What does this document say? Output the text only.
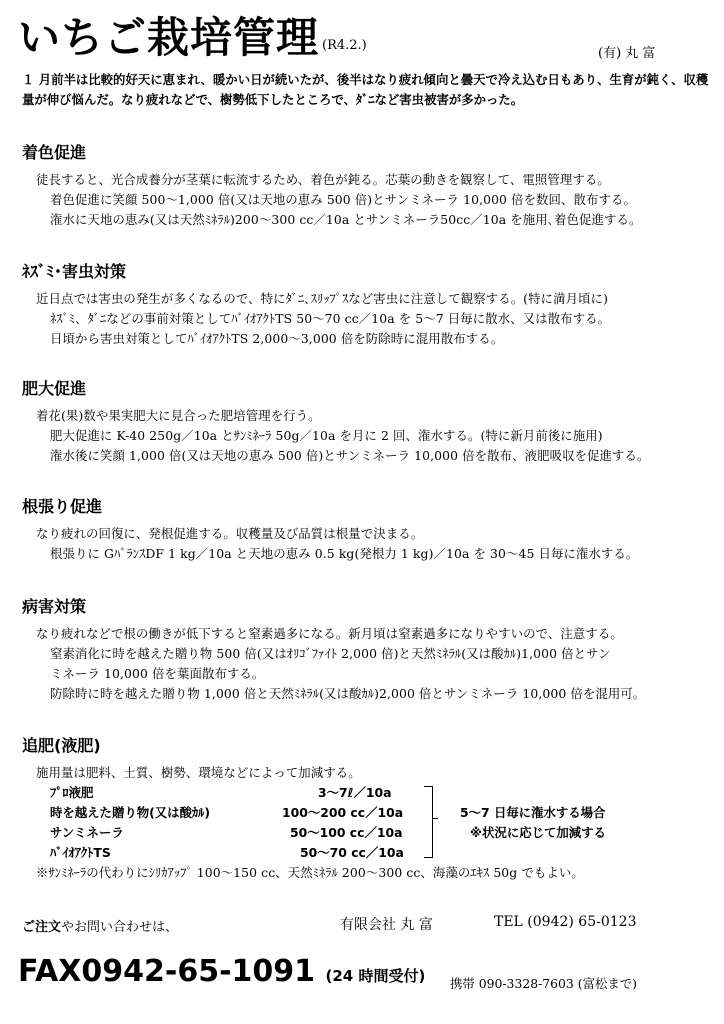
いちご栽培管理 (R4.2.)
(有) 丸 富
１ 月前半は比較的好天に恵まれ、暖かい日が続いたが、後半はなり疲れ傾向と曇天で冷え込む日もあり、生育が鈍く、収穫量が伸び悩んだ。なり疲れなどで、樹勢低下したところで、ﾀﾞﾆなど害虫被害が多かった。
着色促進
徒長すると、光合成養分が茎葉に転流するため、着色が鈍る。芯葉の動きを観察して、電照管理する。
着色促進に笑顔 500～1,000 倍(又は天地の恵み 500 倍)とサンミネーラ 10,000 倍を数回、散布する。
潅水に天地の恵み(又は天然ﾐﾈﾗﾙ)200～300 cc／10a とサンミネーラ50cc／10a を施用､着色促進する。
ﾈｽﾞﾐ･害虫対策
近日点では害虫の発生が多くなるので、特にﾀﾞﾆ､ｽﾘｯﾌﾟｽなど害虫に注意して観察する。(特に満月頃に)
ﾈｽﾞﾐ、ﾀﾞﾆなどの事前対策としてﾊﾞｲｵｱｸﾄTS 50～70 cc／10a を 5～7 日毎に散水、又は散布する。
日頃から害虫対策としてﾊﾞｲｵｱｸﾄTS 2,000～3,000 倍を防除時に混用散布する。
肥大促進
着花(果)数や果実肥大に見合った肥培管理を行う。
肥大促進に K-40 250g／10a とｻﾝﾐﾈｰﾗ 50g／10a を月に 2 回、潅水する。(特に新月前後に施用)
潅水後に笑顔 1,000 倍(又は天地の恵み 500 倍)とサンミネーラ 10,000 倍を散布、液肥吸収を促進する。
根張り促進
なり疲れの回復に、発根促進する。収穫量及び品質は根量で決まる。
根張りに GﾊﾞﾗﾝｽDF 1 kg／10a と天地の恵み 0.5 kg(発根力 1 kg)／10a を 30～45 日毎に潅水する。
病害対策
なり疲れなどで根の働きが低下すると窒素過多になる。新月頃は窒素過多になりやすいので、注意する。
窒素消化に時を越えた贈り物 500 倍(又はｵﾘｺﾞﾌｧｲﾄ 2,000 倍)と天然ﾐﾈﾗﾙ(又は酸ｶﾙ)1,000 倍とサン
ミネーラ 10,000 倍を葉面散布する。
防除時に時を越えた贈り物 1,000 倍と天然ﾐﾈﾗﾙ(又は酸ｶﾙ)2,000 倍とサンミネーラ 10,000 倍を混用可。
追肥(液肥)
施用量は肥料、土質、樹勢、環境などによって加減する。
ﾌﾟﾛ液肥	3～7ℓ／10a
時を越えた贈り物(又は酸ｶﾙ)	100～200 cc／10a
サンミネーラ	50～100 cc／10a
ﾊﾞｲｵｱｸﾄTS	50～70 cc／10a
5～7 日毎に潅水する場合
※状況に応じて加減する
※ｻﾝﾐﾈｰﾗの代わりにｼﾘｶｱｯﾌﾟ 100～150 cc、天然ﾐﾈﾗﾙ 200～300 cc、海藻のｴｷｽ 50g でもよい。
ご注文やお問い合わせは、	有限会社 丸 富	TEL (0942) 65-0123
FAX0942-65-1091 (24 時間受付) 携帯 090-3328-7603 (富松まで)
